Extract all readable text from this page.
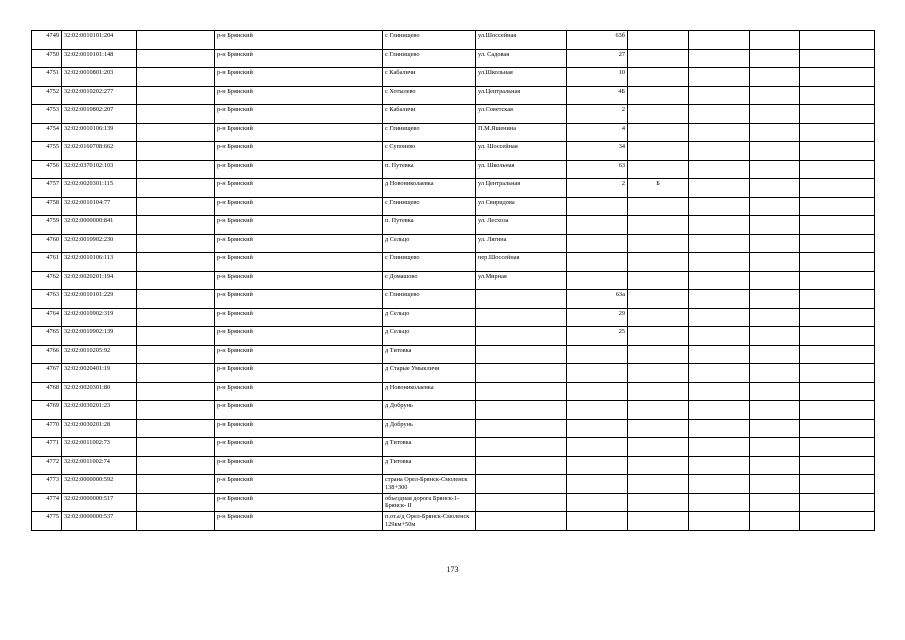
4749	32:02:0010101:204		р-н Брянский	с Глинищево	ул.Шоссейная	63б				
4750	32:02:0010101:148		р-н Брянский	с Глинищево	ул. Садовая	27				
4751	32:02:0010801:203		р-н Брянский	с Кабаличи	ул.Школьная	10				
4752	32:02:0010202:277		р-н Брянский	с Хотылево	ул.Центральная	4Б				
4753	32:02:0010802:207		р-н Брянский	с Кабаличи	ул.Советская	2				
4754	32:02:0010106:139		р-н Брянский	с Глинищево	П.М.Яшенина	4				
4755	32:02:0160708:662		р-н Брянский	с Супонево	ул. Шоссейная	34				
4756	32:02:0370102:103		р-н Брянский	п. Путевка	ул. Школьная	63				
4757	32:02:0020301:115		р-н Брянский	д Новониколаевка	ул Центральная	2	Б			
4758	32:02:0010104:77		р-н Брянский	с Глинищево	ул Свиридова					
4759	32:02:0000000:841		р-н Брянский	п. Путевка	ул. Лесхоза					
4760	32:02:0010902:230		р-н Брянский	д Сельцо	ул. Лягина					
4761	32:02:0010106:113		р-н Брянский	с Глинищево	пер.Шоссейная					
4762	32:02:0020201:194		р-н Брянский	с Домашово	ул.Мирная					
4763	32:02:0010101:229		р-н Брянский	с Глинищево		63а				
4764	32:02:0010902:319		р-н Брянский	д Сельцо		29				
4765	32:02:0010902:139		р-н Брянский	д Сельцо		25				
4766	32:02:0010205:92		р-н Брянский	д Титовка						
4767	32:02:0020401:19		р-н Брянский	д Старые Умыкличи						
4768	32:02:0020301:80		р-н Брянский	д Новониколаевка						
4769	32:02:0030201:23		р-н Брянский	д Добрунь						
4770	32:02:0030201:28		р-н Брянский	д Добрунь						
4771	32:02:0011002:73		р-н Брянский	д Титовка						
4772	32:02:0011002:74		р-н Брянский	д Титовка						
4773	32:02:0000000:592		р-н Брянский	страна Орел-Брянск-Смоленск 138+300						
4774	32:02:0000000:517		р-н Брянский	обьездная дорога Брянск-1- Брянск- II						
4775	32:02:0000000:537		р-н Брянский	п.от.а/д Орел-Брянск-Смоленск 129км+50м						
173
